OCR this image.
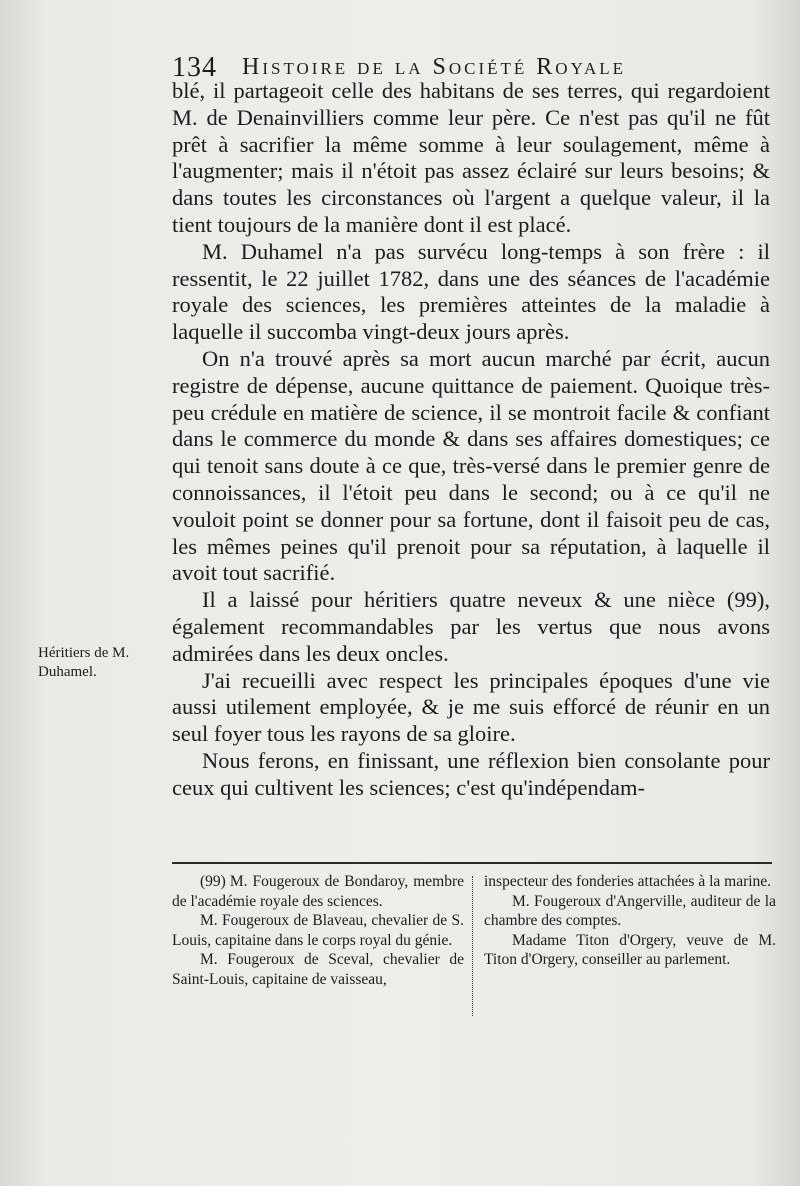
134 Histoire de la Société Royale

blé, il partageoit celle des habitans de ses terres, qui regardoient M. de Denainvilliers comme leur père. Ce n'est pas qu'il ne fût prêt à sacrifier la même somme à leur soulagement, même à l'augmenter; mais il n'étoit pas assez éclairé sur leurs besoins; & dans toutes les circonstances où l'argent a quelque valeur, il la tient toujours de la manière dont il est placé.

M. Duhamel n'a pas survécu long-temps à son frère : il ressentit, le 22 juillet 1782, dans une des séances de l'académie royale des sciences, les premières atteintes de la maladie à laquelle il succomba vingt-deux jours après.

On n'a trouvé après sa mort aucun marché par écrit, aucun registre de dépense, aucune quittance de paiement. Quoique très-peu crédule en matière de science, il se montroit facile & confiant dans le commerce du monde & dans ses affaires domestiques; ce qui tenoit sans doute à ce que, très-versé dans le premier genre de connoissances, il l'étoit peu dans le second; ou à ce qu'il ne vouloit point se donner pour sa fortune, dont il faisoit peu de cas, les mêmes peines qu'il prenoit pour sa réputation, à laquelle il avoit tout sacrifié.

Il a laissé pour héritiers quatre neveux & une nièce (99), également recommandables par les vertus que nous avons admirées dans les deux oncles.

J'ai recueilli avec respect les principales époques d'une vie aussi utilement employée, & je me suis efforcé de réunir en un seul foyer tous les rayons de sa gloire.

Nous ferons, en finissant, une réflexion bien consolante pour ceux qui cultivent les sciences; c'est qu'indépendam-

Héritiers de M.
Duhamel.

(99) M. Fougeroux de Bondaroy, membre de l'académie royale des sciences.

M. Fougeroux de Blaveau, chevalier de S. Louis, capitaine dans le corps royal du génie.

M. Fougeroux de Sceval, chevalier de Saint-Louis, capitaine de vaisseau,

inspecteur des fonderies attachées à la marine.

M. Fougeroux d'Angerville, auditeur de la chambre des comptes.

Madame Titon d'Orgery, veuve de M. Titon d'Orgery, conseiller au parlement.
